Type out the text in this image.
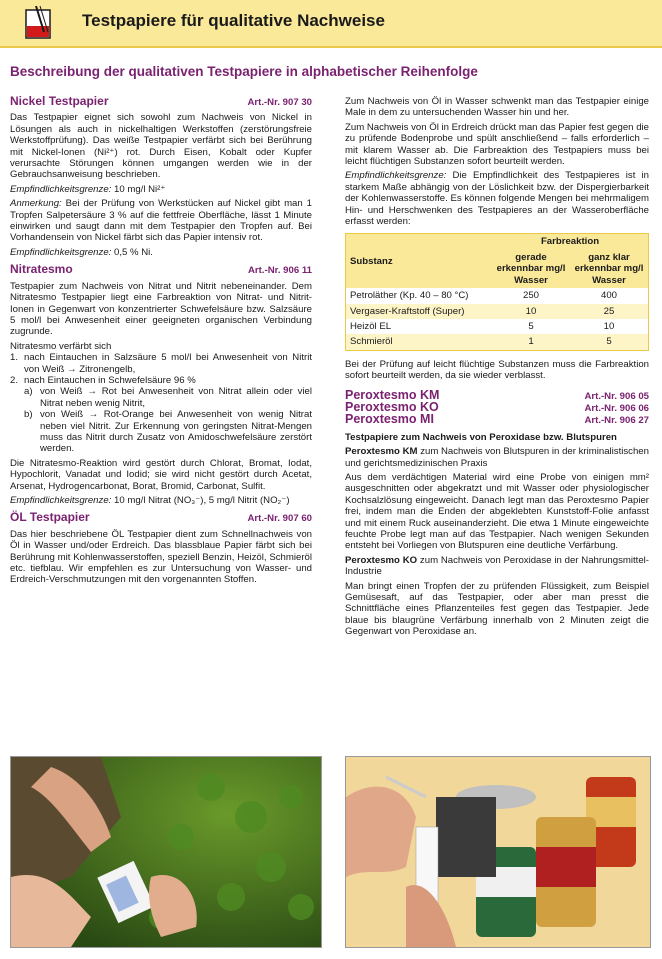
Testpapiere für qualitative Nachweise
Beschreibung der qualitativen Testpapiere in alphabetischer Reihenfolge
Nickel Testpapier	Art.-Nr. 907 30

Das Testpapier eignet sich sowohl zum Nachweis von Nickel in Lösungen als auch in nickelhaltigen Werkstoffen (zerstörungsfreie Werkstoffprüfung). Das weiße Testpapier verfärbt sich bei Berührung mit Nickel-Ionen (Ni²⁺) rot. Durch Eisen, Kobalt oder Kupfer verursachte Störungen können umgangen werden wie in der Gebrauchsanweisung beschrieben.

Empfindlichkeitsgrenze: 10 mg/l Ni²⁺

Anmerkung: Bei der Prüfung von Werkstücken auf Nickel gibt man 1 Tropfen Salpetersäure 3 % auf die fettfreie Oberfläche, lässt 1 Minute einwirken und saugt dann mit dem Testpapier den Tropfen auf. Bei Vorhandensein von Nickel färbt sich das Papier intensiv rot.

Empfindlichkeitsgrenze: 0,5 % Ni.

Nitratesmo	Art.-Nr. 906 11

Testpapier zum Nachweis von Nitrat und Nitrit nebeneinander. Dem Nitratesmo Testpapier liegt eine Farbreaktion von Nitrat- und Nitrit-Ionen in Gegenwart von konzentrierter Schwefelsäure bzw. Salzsäure 5 mol/l bei Anwesenheit einer geeigneten organischen Verbindung zugrunde.

Nitratesmo verfärbt sich

1. nach Eintauchen in Salzsäure 5 mol/l bei Anwesenheit von Nitrit von Weiß → Zitronengelb,
2. nach Eintauchen in Schwefelsäure 96 %
a) von Weiß → Rot bei Anwesenheit von Nitrat allein oder viel Nitrat neben wenig Nitrit,
b) von Weiß → Rot-Orange bei Anwesenheit von wenig Nitrat neben viel Nitrit. Zur Erkennung von geringsten Nitrat-Mengen muss das Nitrit durch Zusatz von Amidoschwefelsäure zerstört werden.

Die Nitratesmo-Reaktion wird gestört durch Chlorat, Bromat, Iodat, Hypochlorit, Vanadat und Iodid; sie wird nicht gestört durch Acetat, Arsenat, Hydrogencarbonat, Borat, Bromid, Carbonat, Sulfit.

Empfindlichkeitsgrenze: 10 mg/l Nitrat (NO₃⁻), 5 mg/l Nitrit (NO₂⁻)

ÖL Testpapier	Art.-Nr. 907 60

Das hier beschriebene ÖL Testpapier dient zum Schnellnachweis von Öl in Wasser und/oder Erdreich. Das blassblaue Papier färbt sich bei Berührung mit Kohlenwasserstoffen, speziell Benzin, Heizöl, Schmieröl etc. tiefblau. Wir empfehlen es zur Untersuchung von Wasser- und Erdreich-Verschmutzungen mit den vorgenannten Stoffen.

Zum Nachweis von Öl in Wasser schwenkt man das Testpapier einige Male in dem zu untersuchenden Wasser hin und her.

Zum Nachweis von Öl in Erdreich drückt man das Papier fest gegen die zu prüfende Bodenprobe und spült anschließend – falls erforderlich – mit klarem Wasser ab. Die Farbreaktion des Testpapiers muss bei leicht flüchtigen Substanzen sofort beurteilt werden.

Empfindlichkeitsgrenze: Die Empfindlichkeit des Testpapieres ist in starkem Maße abhängig von der Löslichkeit bzw. der Dispergierbarkeit der Kohlenwasserstoffe. Es können folgende Mengen bei mehrmaligem Hin- und Herschwenken des Testpapieres an der Wasseroberfläche erfasst werden:

Substanz	Farbreaktion	
	gerade erkennbar mg/l Wasser	ganz klar erkennbar mg/l Wasser
Petroläther (Kp. 40 – 80 °C)	250	400
Vergaser-Kraftstoff (Super)	10	25
Heizöl EL	5	10
Schmieröl	1	5

Bei der Prüfung auf leicht flüchtige Substanzen muss die Farbreaktion sofort beurteilt werden, da sie wieder verblasst.

Peroxtesmo KM	Art.-Nr. 906 05
Peroxtesmo KO	Art.-Nr. 906 06
Peroxtesmo MI	Art.-Nr. 906 27

Testpapiere zum Nachweis von Peroxidase bzw. Blutspuren

Peroxtesmo KM zum Nachweis von Blutspuren in der kriminalistischen und gerichtsmedizinischen Praxis

Aus dem verdächtigen Material wird eine Probe von einigen mm² ausgeschnitten oder abgekratzt und mit Wasser oder physiologischer Kochsalzlösung eingeweicht. Danach legt man das Peroxtesmo Papier frei, indem man die Enden der abgeklebten Kunststoff-Folie anfasst und mit einem Ruck auseinanderzieht. Die etwa 1 Minute eingeweichte feuchte Probe legt man auf das Testpapier. Nach wenigen Sekunden entsteht bei Vorliegen von Blutspuren eine deutliche Verfärbung.

Peroxtesmo KO zum Nachweis von Peroxidase in der Nahrungsmittel-Industrie

Man bringt einen Tropfen der zu prüfenden Flüssigkeit, zum Beispiel Gemüsesaft, auf das Testpapier, oder aber man presst die Schnittfläche eines Pflanzenteiles fest gegen das Testpapier. Jede blaue bis blaugrüne Verfärbung innerhalb von 2 Minuten zeigt die Gegenwart von Peroxidase an.
